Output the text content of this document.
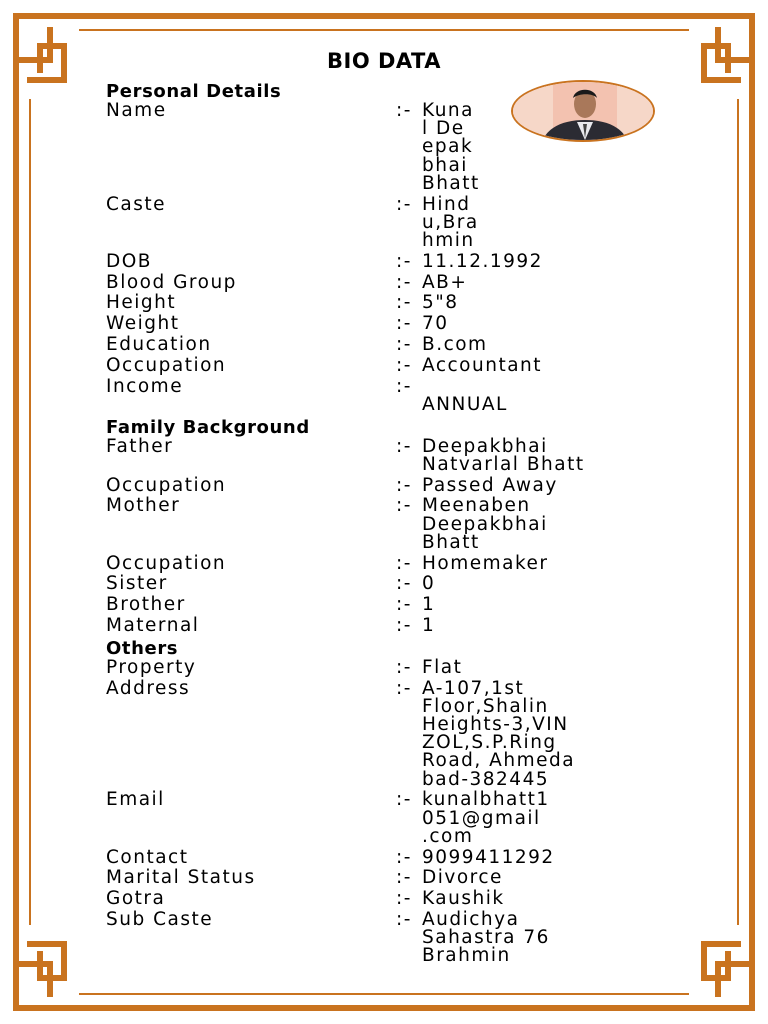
BIO DATA
Personal Details
Name	:- Kuna
l De
epak
bhai
Bhatt
Caste	:- Hind
u,Bra
hmin
DOB	:- 11.12.1992
Blood Group	:- AB+
Height	:- 5"8
Weight	:- 70
Education	:- B.com
Occupation	:- Accountant
Income	:-

ANNUAL
Family Background
Father	:- Deepakbhai
Natvarlal Bhatt
Occupation	:- Passed Away
Mother	:- Meenaben
Deepakbhai
Bhatt
Occupation	:- Homemaker
Sister	:- 0
Brother	:- 1
Maternal	:- 1
Others
Property	:- Flat
Address	:- A-107,1st
Floor,Shalin
Heights-3,VIN
ZOL,S.P.Ring
Road, Ahmeda
bad-382445
Email	:- kunalbhatt1
051@gmail
.com
Contact	:- 9099411292
Marital Status	:- Divorce
Gotra	:- Kaushik
Sub Caste	:- Audichya
Sahastra 76
Brahmin
